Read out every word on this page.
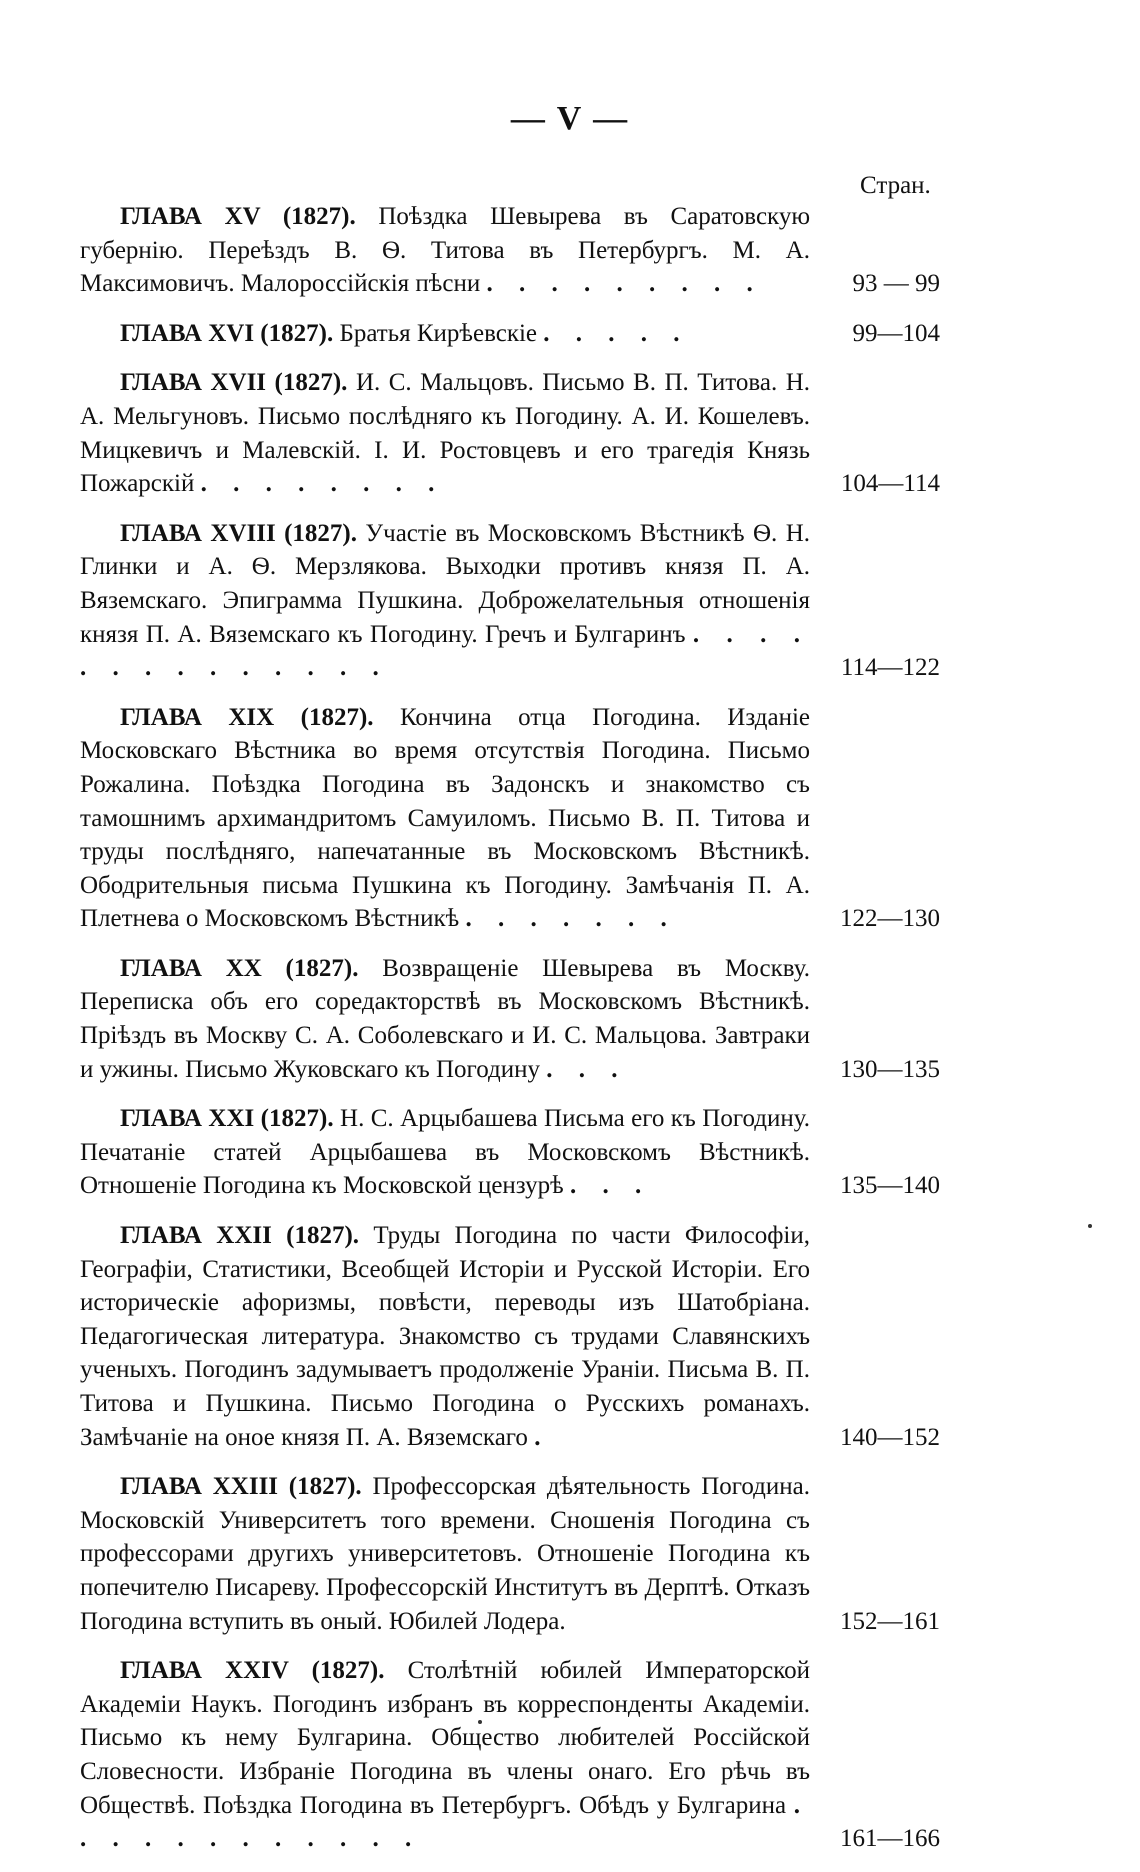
— V —
Стран.
ГЛАВА XV (1827). Поѣздка Шевырева въ Саратовскую губернію. Переѣздъ В. Ѳ. Титова въ Петербургъ. М. А. Максимовичъ. Малороссійскія пѣсни . . . . . . . . .	93 — 99
ГЛАВА XVI (1827). Братья Кирѣевскіе . . . . .	99—104
ГЛАВА XVII (1827). И. С. Мальцовъ. Письмо В. П. Титова. Н. А. Мельгуновъ. Письмо послѣдняго къ Погодину. А. И. Кошелевъ. Мицкевичъ и Малевскій. І. И. Ростовцевъ и его трагедія Князь Пожарскій . . . . . . . .	104—114
ГЛАВА XVIII (1827). Участіе въ Московскомъ Вѣстникѣ Ѳ. Н. Глинки и А. Ѳ. Мерзлякова. Выходки противъ князя П. А. Вяземскаго. Эпиграмма Пушкина. Доброжелательныя отношенія князя П. А. Вяземскаго къ Погодину. Гречъ и Булгаринъ . . . . . . . . . . . . . .	114—122
ГЛАВА XIX (1827). Кончина отца Погодина. Изданіе Московскаго Вѣстника во время отсутствія Погодина. Письмо Рожалина. Поѣздка Погодина въ Задонскъ и знакомство съ тамошнимъ архимандритомъ Самуиломъ. Письмо В. П. Титова и труды послѣдняго, напечатанные въ Московскомъ Вѣстникѣ. Ободрительныя письма Пушкина къ Погодину. Замѣчанія П. А. Плетнева о Московскомъ Вѣстникѣ . . . . . . .	122—130
ГЛАВА XX (1827). Возвращеніе Шевырева въ Москву. Переписка объ его соредакторствѣ въ Московскомъ Вѣстникѣ. Пріѣздъ въ Москву С. А. Соболевскаго и И. С. Мальцова. Завтраки и ужины. Письмо Жуковскаго къ Погодину . . .	130—135
ГЛАВА XXI (1827). Н. С. Арцыбашева Письма его къ Погодину. Печатаніе статей Арцыбашева въ Московскомъ Вѣстникѣ. Отношеніе Погодина къ Московской цензурѣ . . .	135—140
ГЛАВА XXII (1827). Труды Погодина по части Философіи, Географіи, Статистики, Всеобщей Исторіи и Русской Исторіи. Его историческіе афоризмы, повѣсти, переводы изъ Шатобріана. Педагогическая литература. Знакомство съ трудами Славянскихъ ученыхъ. Погодинъ задумываетъ продолженіе Ураніи. Письма В. П. Титова и Пушкина. Письмо Погодина о Русскихъ романахъ. Замѣчаніе на оное князя П. А. Вяземскаго .	140—152
ГЛАВА XXIII (1827). Профессорская дѣятельность Погодина. Московскій Университетъ того времени. Сношенія Погодина съ профессорами другихъ университетовъ. Отношеніе Погодина къ попечителю Писареву. Профессорскій Институтъ въ Дерптѣ. Отказъ Погодина вступить въ оный. Юбилей Лодера.	152—161
ГЛАВА XXIV (1827). Столѣтній юбилей Императорской Академіи Наукъ. Погодинъ избранъ въ корреспонденты Академіи. Письмо къ нему Булгарина. Общество любителей Россійской Словесности. Избраніе Погодина въ члены онаго. Его рѣчь въ Обществѣ. Поѣздка Погодина въ Петербургъ. Обѣдъ у Булгарина . . . . . . . . . . . .	161—166
